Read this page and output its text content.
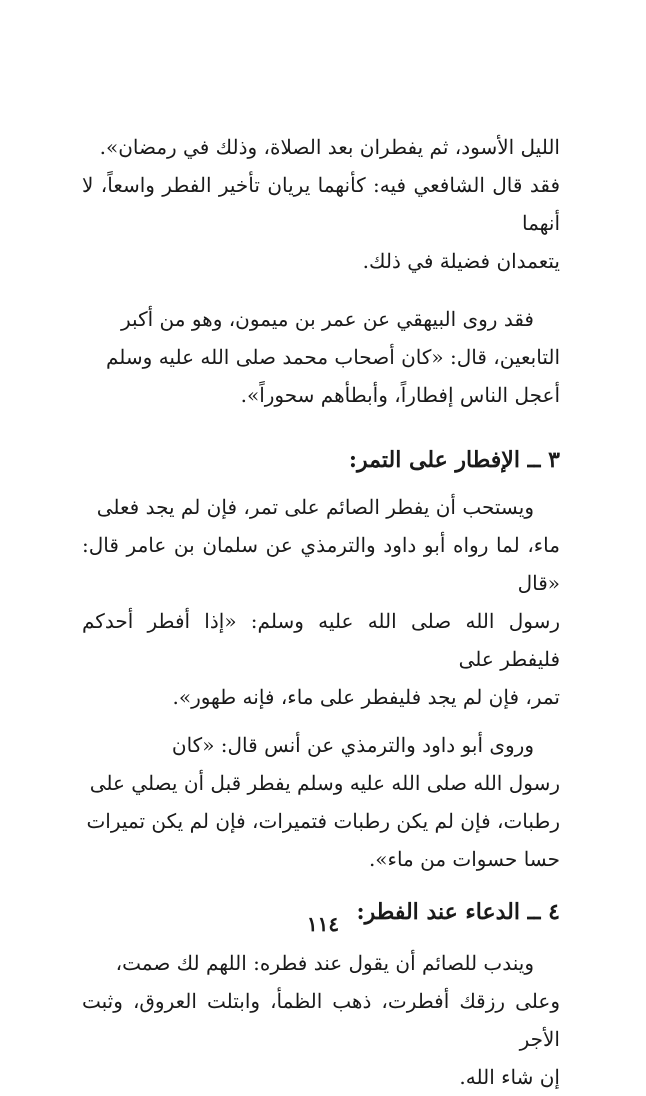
الليل الأسود، ثم يفطران بعد الصلاة، وذلك في رمضان».

فقد قال الشافعي فيه: كأنهما يريان تأخير الفطر واسعاً، لا أنهما

يتعمدان فضيلة في ذلك.

فقد روى البيهقي عن عمر بن ميمون، وهو من أكبر

التابعين، قال: «كان أصحاب محمد صلى الله عليه وسلم

أعجل الناس إفطاراً، وأبطأهم سحوراً».

٣ ــ الإفطار على التمر:

ويستحب أن يفطر الصائم على تمر، فإن لم يجد فعلى

ماء، لما رواه أبو داود والترمذي عن سلمان بن عامر قال: «قال

رسول الله صلى الله عليه وسلم: «إذا أفطر أحدكم فليفطر على

تمر، فإن لم يجد فليفطر على ماء، فإنه طهور».

وروى أبو داود والترمذي عن أنس قال: «كان

رسول الله صلى الله عليه وسلم يفطر قبل أن يصلي على

رطبات، فإن لم يكن رطبات فتميرات، فإن لم يكن تميرات

حسا حسوات من ماء».

٤ ــ الدعاء عند الفطر:

ويندب للصائم أن يقول عند فطره: اللهم لك صمت،

وعلى رزقك أفطرت، ذهب الظمأ، وابتلت العروق، وثبت الأجر

إن شاء الله.

١١٤
